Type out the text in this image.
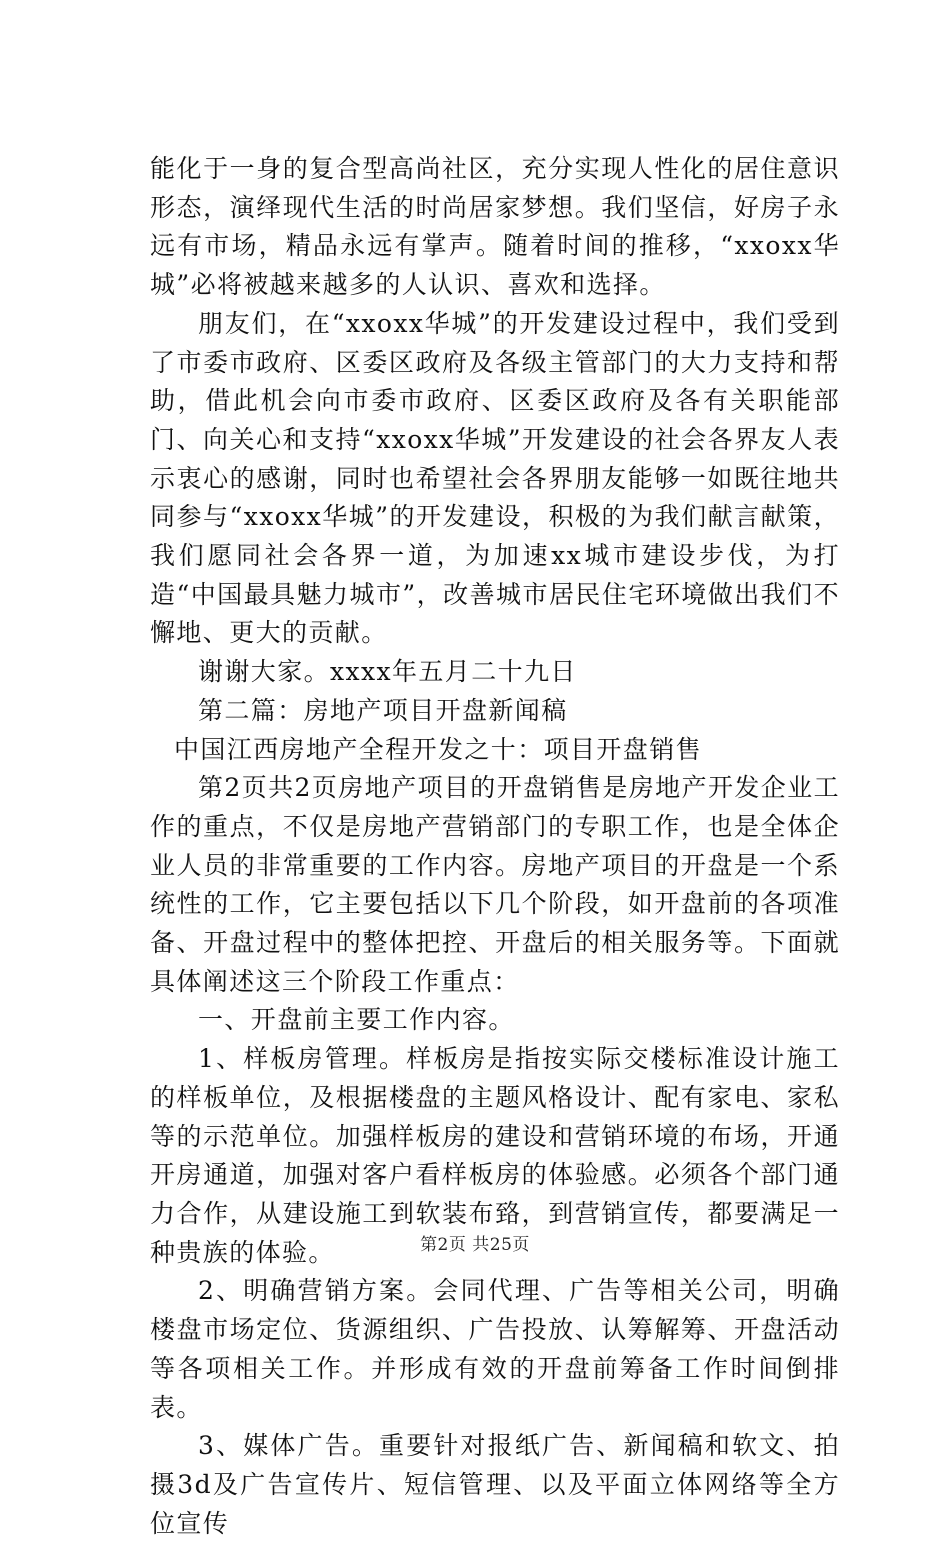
能化于一身的复合型高尚社区，充分实现人性化的居住意识形态，演绎现代生活的时尚居家梦想。我们坚信，好房子永远有市场，精品永远有掌声。随着时间的推移，“xxoxx华城”必将被越来越多的人认识、喜欢和选择。

朋友们，在“xxoxx华城”的开发建设过程中，我们受到了市委市政府、区委区政府及各级主管部门的大力支持和帮助，借此机会向市委市政府、区委区政府及各有关职能部门、向关心和支持“xxoxx华城”开发建设的社会各界友人表示衷心的感谢，同时也希望社会各界朋友能够一如既往地共同参与“xxoxx华城”的开发建设，积极的为我们献言献策，我们愿同社会各界一道，为加速xx城市建设步伐，为打造“中国最具魅力城市”，改善城市居民住宅环境做出我们不懈地、更大的贡献。

谢谢大家。xxxx年五月二十九日

第二篇：房地产项目开盘新闻稿

中国江西房地产全程开发之十：项目开盘销售

第2页共2页房地产项目的开盘销售是房地产开发企业工作的重点，不仅是房地产营销部门的专职工作，也是全体企业人员的非常重要的工作内容。房地产项目的开盘是一个系统性的工作，它主要包括以下几个阶段，如开盘前的各项准备、开盘过程中的整体把控、开盘后的相关服务等。下面就具体阐述这三个阶段工作重点：

一、开盘前主要工作内容。

1、样板房管理。样板房是指按实际交楼标准设计施工的样板单位，及根据楼盘的主题风格设计、配有家电、家私等的示范单位。加强样板房的建设和营销环境的布场，开通开房通道，加强对客户看样板房的体验感。必须各个部门通力合作，从建设施工到软装布臵，到营销宣传，都要满足一种贵族的体验。

2、明确营销方案。会同代理、广告等相关公司，明确楼盘市场定位、货源组织、广告投放、认筹解筹、开盘活动等各项相关工作。并形成有效的开盘前筹备工作时间倒排表。

3、媒体广告。重要针对报纸广告、新闻稿和软文、拍摄3d及广告宣传片、短信管理、以及平面立体网络等全方位宣传

第2页 共25页
